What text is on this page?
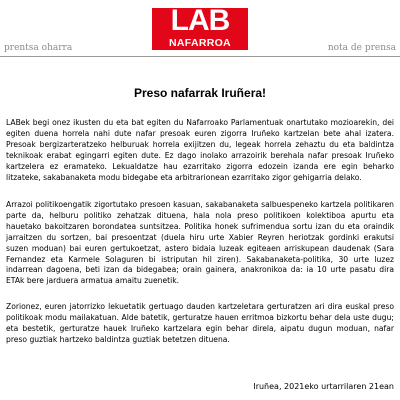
LAB
NAFARROA
prentsa oharra	nota de prensa
Preso nafarrak Iruñera!

LABek begi onez ikusten du eta bat egiten du Nafarroako Parlamentuak onartutako mozioarekin, dei egiten duena horrela nahi dute nafar presoak euren zigorra Iruñeko kartzelan bete ahal izatera. Presoak bergizarteratzeko helburuak horrela exijitzen du, legeak horrela zehaztu du eta baldintza teknikoak erabat egingarri egiten dute. Ez dago inolako arrazoirik berehala nafar presoak Iruñeko kartzelera ez eramateko. Lekualdatze hau ezarritako zigorra edozein izanda ere egin beharko litzateke, sakabanaketa modu bidegabe eta arbitrarionean ezarritako zigor gehigarria delako.

Arrazoi politikoengatik zigortutako presoen kasuan, sakabanaketa salbuespeneko kartzela politikaren parte da, helburu politiko zehatzak dituena, hala nola preso politikoen kolektiboa apurtu eta hauetako bakoitzaren borondatea suntsitzea. Politika honek sufrimendua sortu izan du eta oraindik jarraitzen du sortzen, bai presoentzat (duela hiru urte Xabier Reyren heriotzak gordinki erakutsi suzen moduan) bai euren gertukoetzat, astero bidaia luzeak egiteaen arriskupean daudenak (Sara Fernandez eta Karmele Solaguren bi istriputan hil ziren). Sakabanaketa-politika, 30 urte luzez indarrean dagoena, beti izan da bidegabea; orain gainera, anakronikoa da: ia 10 urte pasatu dira ETAk bere jarduera armatua amaitu zuenetik.

Zorionez, euren jatorrizko lekuetatik gertuago dauden kartzeletara gerturatzen ari dira euskal preso politikoak modu mailakatuan. Alde batetik, gerturatze hauen erritmoa bizkortu behar dela uste dugu; eta bestetik, gerturatze hauek Iruñeko kartzelara egin behar direla, aipatu dugun moduan, nafar preso guztiak hartzeko baldintza guztiak betetzen dituena.

Iruñea, 2021eko urtarrilaren 21ean
